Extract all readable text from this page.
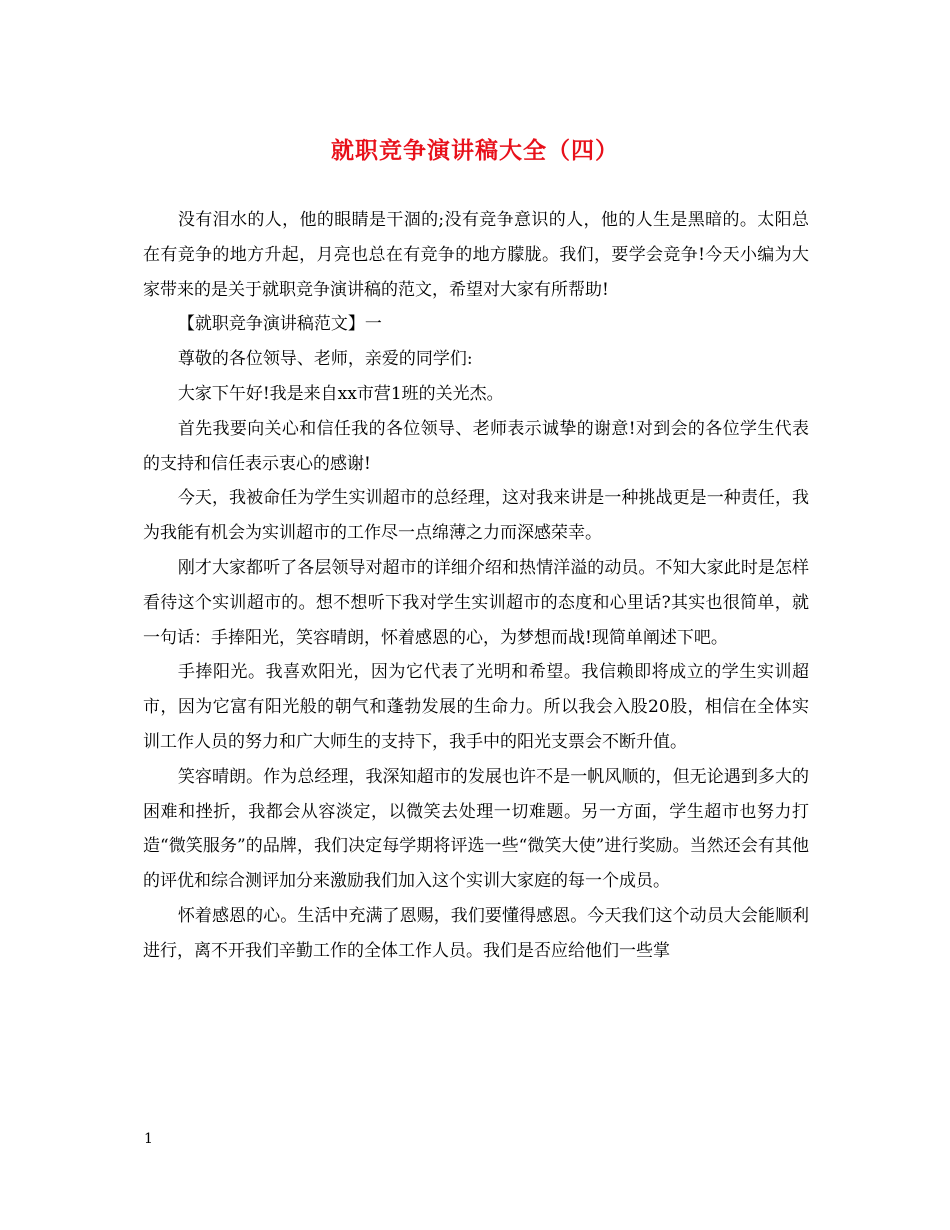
就职竞争演讲稿大全（四）

没有泪水的人，他的眼睛是干涸的;没有竞争意识的人，他的人生是黑暗的。太阳总在有竞争的地方升起，月亮也总在有竞争的地方朦胧。我们，要学会竞争!今天小编为大家带来的是关于就职竞争演讲稿的范文，希望对大家有所帮助!

【就职竞争演讲稿范文】一

尊敬的各位领导、老师，亲爱的同学们:

大家下午好!我是来自xx市营1班的关光杰。

首先我要向关心和信任我的各位领导、老师表示诚挚的谢意!对到会的各位学生代表的支持和信任表示衷心的感谢!

今天，我被命任为学生实训超市的总经理，这对我来讲是一种挑战更是一种责任，我为我能有机会为实训超市的工作尽一点绵薄之力而深感荣幸。

刚才大家都听了各层领导对超市的详细介绍和热情洋溢的动员。不知大家此时是怎样看待这个实训超市的。想不想听下我对学生实训超市的态度和心里话?其实也很简单，就一句话：手捧阳光，笑容晴朗，怀着感恩的心，为梦想而战!现简单阐述下吧。

手捧阳光。我喜欢阳光，因为它代表了光明和希望。我信赖即将成立的学生实训超市，因为它富有阳光般的朝气和蓬勃发展的生命力。所以我会入股20股，相信在全体实训工作人员的努力和广大师生的支持下，我手中的阳光支票会不断升值。

笑容晴朗。作为总经理，我深知超市的发展也许不是一帆风顺的，但无论遇到多大的困难和挫折，我都会从容淡定，以微笑去处理一切难题。另一方面，学生超市也努力打造“微笑服务”的品牌，我们决定每学期将评选一些“微笑大使”进行奖励。当然还会有其他的评优和综合测评加分来激励我们加入这个实训大家庭的每一个成员。

怀着感恩的心。生活中充满了恩赐，我们要懂得感恩。今天我们这个动员大会能顺利进行，离不开我们辛勤工作的全体工作人员。我们是否应给他们一些掌

1
